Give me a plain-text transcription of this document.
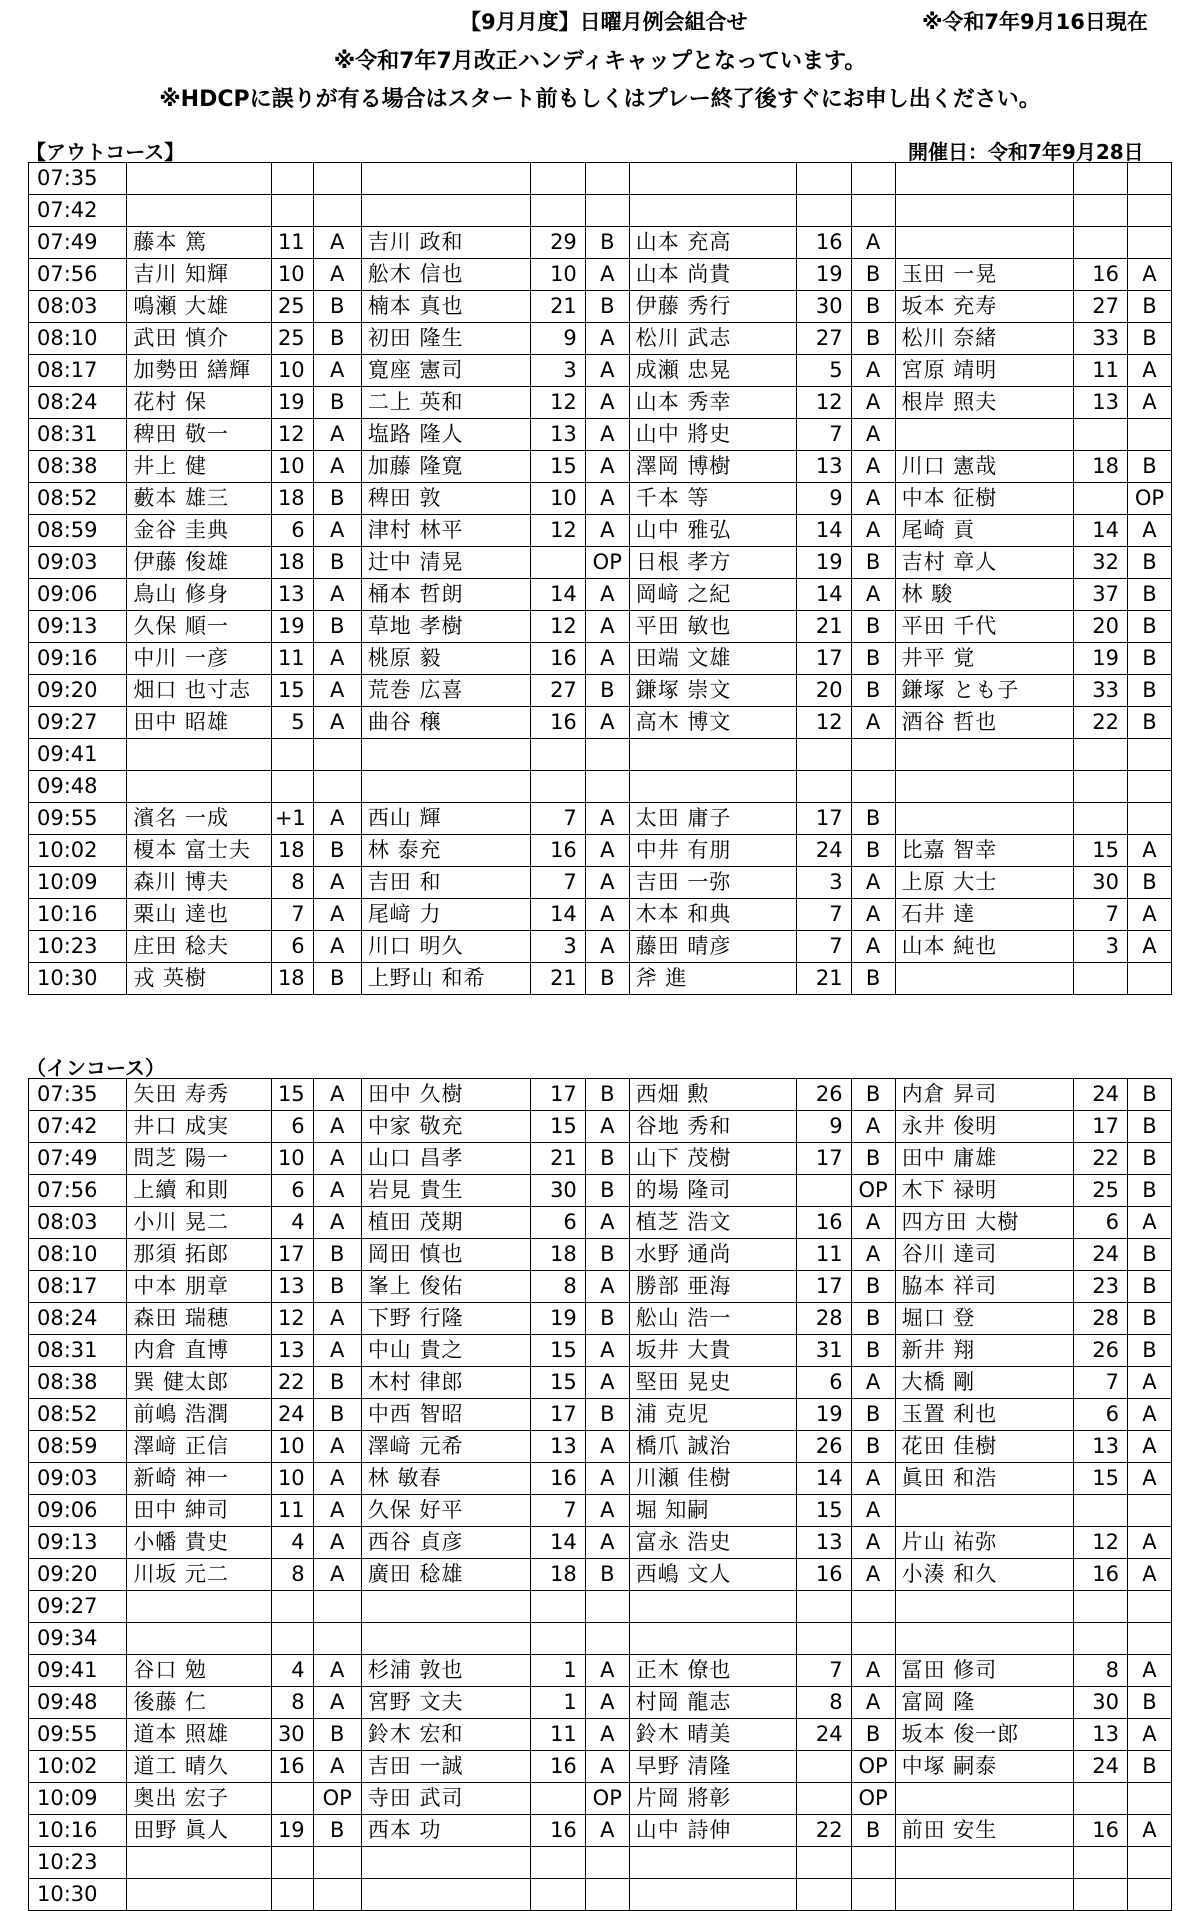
【9月月度】日曜月例会組合せ	※令和7年9月16日現在
※令和7年7月改正ハンディキャップとなっています。
※HDCPに誤りが有る場合はスタート前もしくはプレー終了後すぐにお申し出ください。
【アウトコース】	開催日：令和7年9月28日
07:35												
07:42												
07:49	藤本 篤	11	A	吉川 政和	29	B	山本 充高	16	A			
07:56	吉川 知輝	10	A	舩木 信也	10	A	山本 尚貴	19	B	玉田 一晃	16	A
08:03	鳴瀬 大雄	25	B	楠本 真也	21	B	伊藤 秀行	30	B	坂本 充寿	27	B
08:10	武田 慎介	25	B	初田 隆生	9	A	松川 武志	27	B	松川 奈緒	33	B
08:17	加勢田 繕輝	10	A	寛座 憲司	3	A	成瀬 忠晃	5	A	宮原 靖明	11	A
08:24	花村 保	19	B	二上 英和	12	A	山本 秀幸	12	A	根岸 照夫	13	A
08:31	稗田 敬一	12	A	塩路 隆人	13	A	山中 將史	7	A			
08:38	井上 健	10	A	加藤 隆寛	15	A	澤岡 博樹	13	A	川口 憲哉	18	B
08:52	藪本 雄三	18	B	稗田 敦	10	A	千本 等	9	A	中本 征樹		OP
08:59	金谷 圭典	6	A	津村 林平	12	A	山中 雅弘	14	A	尾崎 貢	14	A
09:03	伊藤 俊雄	18	B	辻中 清晃		OP	日根 孝方	19	B	吉村 章人	32	B
09:06	鳥山 修身	13	A	桶本 哲朗	14	A	岡﨑 之紀	14	A	林 駿	37	B
09:13	久保 順一	19	B	草地 孝樹	12	A	平田 敏也	21	B	平田 千代	20	B
09:16	中川 一彦	11	A	桃原 毅	16	A	田端 文雄	17	B	井平 覚	19	B
09:20	畑口 也寸志	15	A	荒巻 広喜	27	B	鎌塚 崇文	20	B	鎌塚 とも子	33	B
09:27	田中 昭雄	5	A	曲谷 穣	16	A	高木 博文	12	A	酒谷 哲也	22	B
09:41												
09:48												
09:55	濱名 一成	+1	A	西山 輝	7	A	太田 庸子	17	B			
10:02	榎本 富士夫	18	B	林 泰充	16	A	中井 有朋	24	B	比嘉 智幸	15	A
10:09	森川 博夫	8	A	吉田 和	7	A	吉田 一弥	3	A	上原 大士	30	B
10:16	栗山 達也	7	A	尾﨑 力	14	A	木本 和典	7	A	石井 達	7	A
10:23	庄田 稔夫	6	A	川口 明久	3	A	藤田 晴彦	7	A	山本 純也	3	A
10:30	戎 英樹	18	B	上野山 和希	21	B	斧 進	21	B			
（インコース）
07:35	矢田 寿秀	15	A	田中 久樹	17	B	西畑 勲	26	B	内倉 昇司	24	B
07:42	井口 成実	6	A	中家 敬充	15	A	谷地 秀和	9	A	永井 俊明	17	B
07:49	問芝 陽一	10	A	山口 昌孝	21	B	山下 茂樹	17	B	田中 庸雄	22	B
07:56	上續 和則	6	A	岩見 貴生	30	B	的場 隆司		OP	木下 禄明	25	B
08:03	小川 晃二	4	A	植田 茂期	6	A	植芝 浩文	16	A	四方田 大樹	6	A
08:10	那須 拓郎	17	B	岡田 慎也	18	B	水野 通尚	11	A	谷川 達司	24	B
08:17	中本 朋章	13	B	峯上 俊佑	8	A	勝部 亜海	17	B	脇本 祥司	23	B
08:24	森田 瑞穂	12	A	下野 行隆	19	B	舩山 浩一	28	B	堀口 登	28	B
08:31	内倉 直博	13	A	中山 貴之	15	A	坂井 大貴	31	B	新井 翔	26	B
08:38	巽 健太郎	22	B	木村 律郎	15	A	堅田 晃史	6	A	大橋 剛	7	A
08:52	前嶋 浩潤	24	B	中西 智昭	17	B	浦 克児	19	B	玉置 利也	6	A
08:59	澤﨑 正信	10	A	澤﨑 元希	13	A	橋爪 誠治	26	B	花田 佳樹	13	A
09:03	新崎 神一	10	A	林 敏春	16	A	川瀬 佳樹	14	A	眞田 和浩	15	A
09:06	田中 紳司	11	A	久保 好平	7	A	堀 知嗣	15	A			
09:13	小幡 貴史	4	A	西谷 貞彦	14	A	富永 浩史	13	A	片山 祐弥	12	A
09:20	川坂 元二	8	A	廣田 稔雄	18	B	西嶋 文人	16	A	小湊 和久	16	A
09:27												
09:34												
09:41	谷口 勉	4	A	杉浦 敦也	1	A	正木 僚也	7	A	冨田 修司	8	A
09:48	後藤 仁	8	A	宮野 文夫	1	A	村岡 龍志	8	A	富岡 隆	30	B
09:55	道本 照雄	30	B	鈴木 宏和	11	A	鈴木 晴美	24	B	坂本 俊一郎	13	A
10:02	道工 晴久	16	A	吉田 一誠	16	A	早野 清隆		OP	中塚 嗣泰	24	B
10:09	奥出 宏子		OP	寺田 武司		OP	片岡 將彰		OP			
10:16	田野 眞人	19	B	西本 功	16	A	山中 詩伸	22	B	前田 安生	16	A
10:23												
10:30												
